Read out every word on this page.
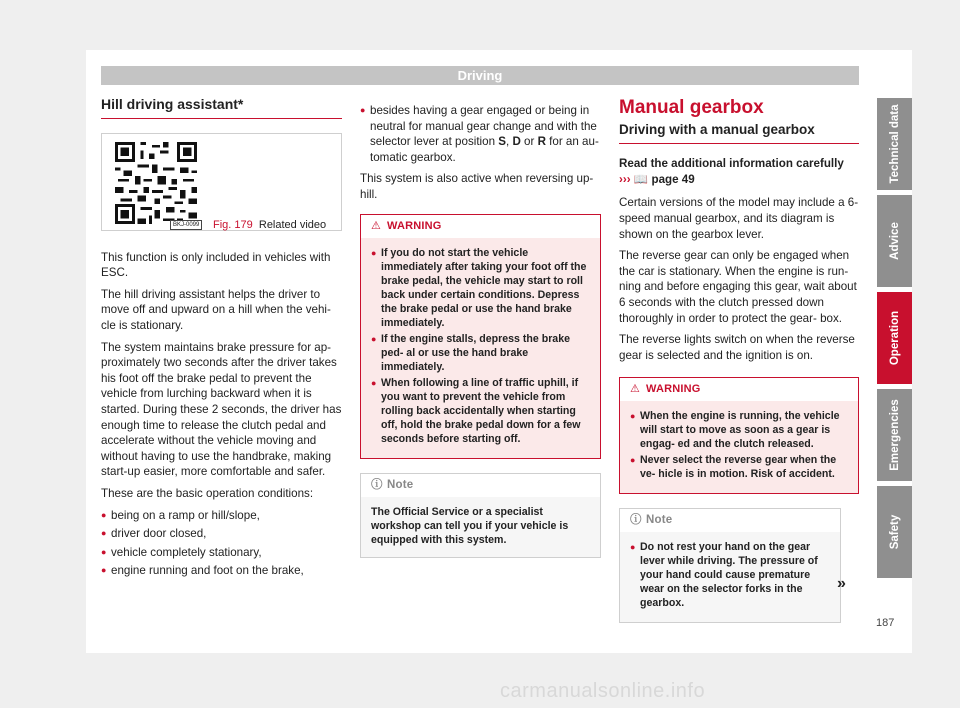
Driving
Hill driving assistant*
BKJ-0099 Fig. 179 Related video

This function is only included in vehicles with ESC.

The hill driving assistant helps the driver to move off and upward on a hill when the vehi- cle is stationary.

The system maintains brake pressure for ap- proximately two seconds after the driver takes his foot off the brake pedal to prevent the vehicle from lurching backward when it is started. During these 2 seconds, the driver has enough time to release the clutch pedal and accelerate without the vehicle moving and without having to use the handbrake, making start-up easier, more comfortable and safer.

These are the basic operation conditions:

● being on a ramp or hill/slope,
● driver door closed,
● vehicle completely stationary,
● engine running and foot on the brake,
● besides having a gear engaged or being in neutral for manual gear change and with the selector lever at position S, D or R for an au- tomatic gearbox.

This system is also active when reversing up- hill.

⚠ WARNING
● If you do not start the vehicle immediately after taking your foot off the brake pedal, the vehicle may start to roll back under certain conditions. Depress the brake pedal or use the hand brake immediately.
● If the engine stalls, depress the brake ped- al or use the hand brake immediately.
● When following a line of traffic uphill, if you want to prevent the vehicle from rolling back accidentally when starting off, hold the brake pedal down for a few seconds before starting off.
ⓘ Note
The Official Service or a specialist workshop can tell you if your vehicle is equipped with this system.
Manual gearbox
Driving with a manual gearbox

Read the additional information carefully
››› 📖 page 49

Certain versions of the model may include a 6-speed manual gearbox, and its diagram is shown on the gearbox lever.

The reverse gear can only be engaged when the car is stationary. When the engine is run- ning and before engaging this gear, wait about 6 seconds with the clutch pressed down thoroughly in order to protect the gear- box.

The reverse lights switch on when the reverse gear is selected and the ignition is on.

⚠ WARNING
● When the engine is running, the vehicle will start to move as soon as a gear is engag- ed and the clutch released.
● Never select the reverse gear when the ve- hicle is in motion. Risk of accident.
ⓘ Note
● Do not rest your hand on the gear lever while driving. The pressure of your hand could cause premature wear on the selector forks in the gearbox.
»
Technical data
Advice
Operation
Emergencies
Safety
187
carmanualsonline.info
